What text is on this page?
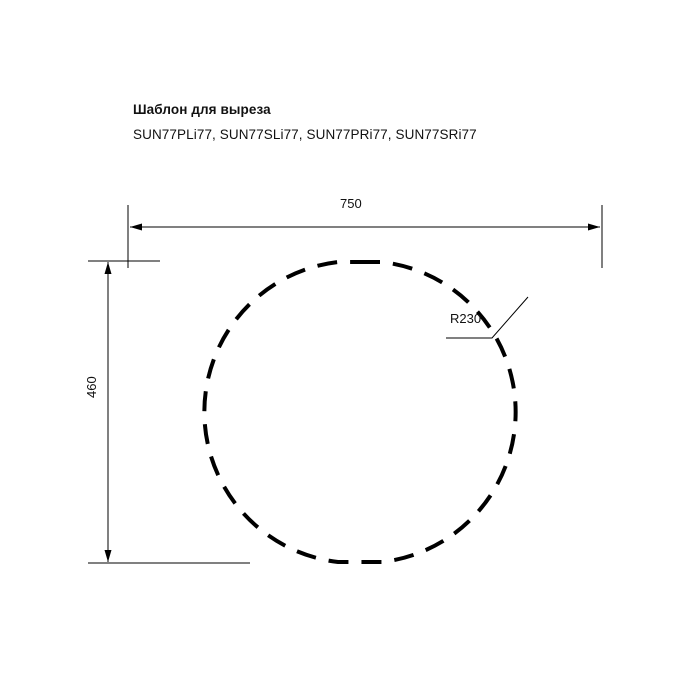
Шаблон для выреза
SUN77PLi77, SUN77SLi77, SUN77PRi77, SUN77SRi77
750
460
R230
